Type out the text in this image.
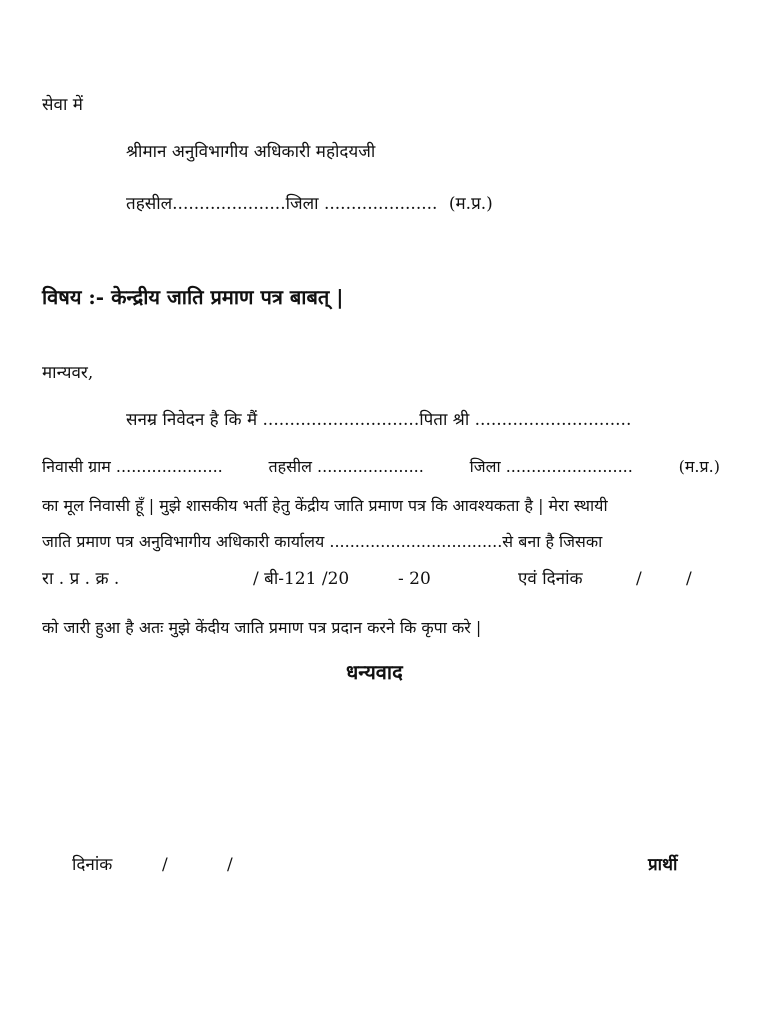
सेवा में
श्रीमान अनुविभागीय अधिकारी महोदयजी
तहसील.....................जिला ..................... (म.प्र.)
विषय :- केन्द्रीय जाति प्रमाण पत्र बाबत् |
मान्यवर,
सनम्र निवेदन है कि मैं .............................पिता श्री .............................
निवासी ग्राम .....................	तहसील .....................	जिला .........................	(म.प्र.)
का मूल निवासी हूँ | मुझे शासकीय भर्ती हेतु केंद्रीय जाति प्रमाण पत्र कि आवश्यकता है | मेरा स्थायी
जाति प्रमाण पत्र अनुविभागीय अधिकारी कार्यालय ..................................से बना है जिसका
रा . प्र . क्र .	/ बी-121 /20	- 20	एवं दिनांक	/	/
को जारी हुआ है अतः मुझे केंदीय जाति प्रमाण पत्र प्रदान करने कि कृपा करे |
धन्यवाद
दिनांक	/	/	प्रार्थी
